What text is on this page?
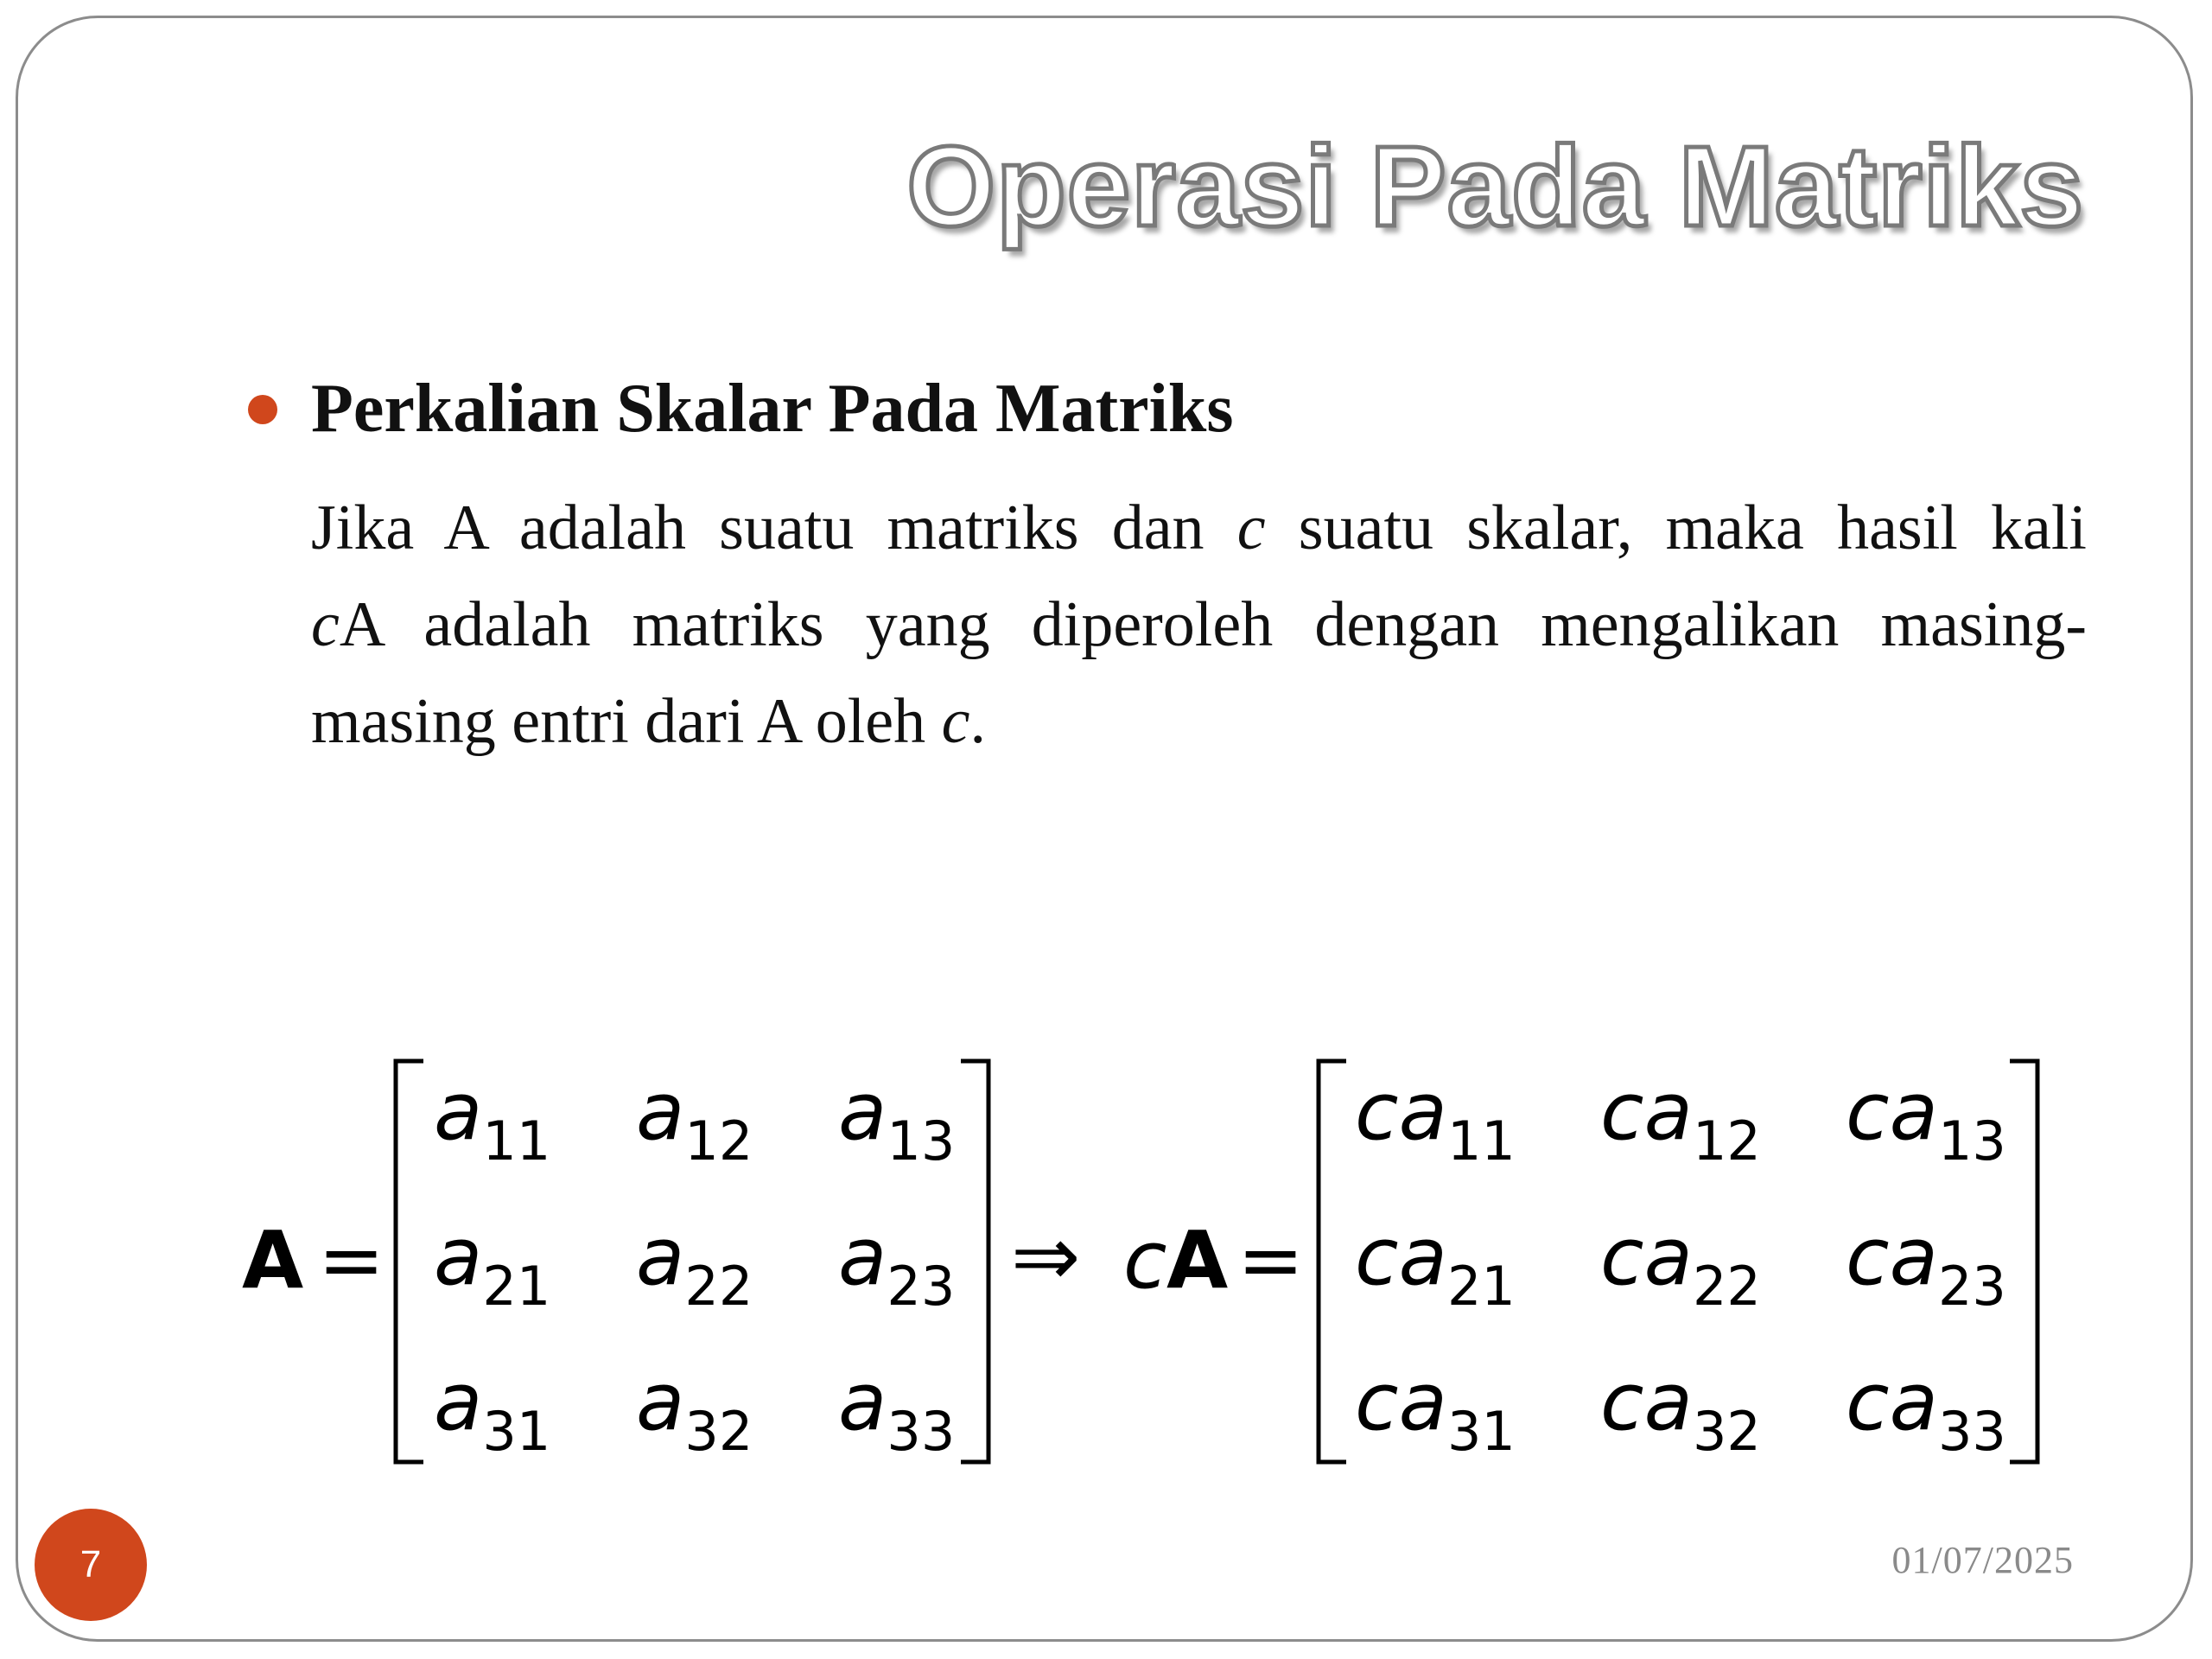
Operasi Pada Matriks
Perkalian Skalar Pada Matriks
Jika A adalah suatu matriks dan c suatu skalar, maka hasil kali
cA adalah matriks yang diperoleh dengan mengalikan masing-
masing entri dari A oleh c.
A =	⇒ c A =
$a_{11}$ $a_{12}$ $a_{13}$
$a_{21}$ $a_{22}$ $a_{23}$
$a_{31}$ $a_{32}$ $a_{33}$
$ca_{11}$ $ca_{12}$ $ca_{13}$
$ca_{21}$ $ca_{22}$ $ca_{23}$
$ca_{31}$ $ca_{32}$ $ca_{33}$
01/07/2025
7
